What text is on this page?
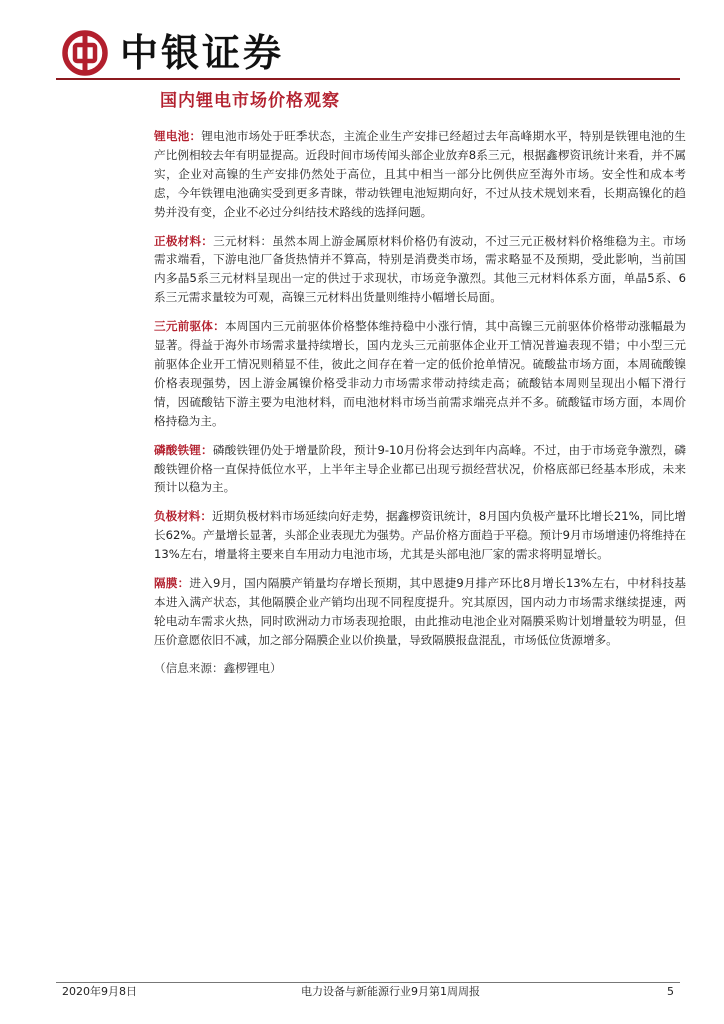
中银证券
国内锂电市场价格观察

锂电池：锂电池市场处于旺季状态，主流企业生产安排已经超过去年高峰期水平，特别是铁锂电池的生产比例相较去年有明显提高。近段时间市场传闻头部企业放弃8系三元，根据鑫椤资讯统计来看，并不属实，企业对高镍的生产安排仍然处于高位，且其中相当一部分比例供应至海外市场。安全性和成本考虑，今年铁锂电池确实受到更多青睐，带动铁锂电池短期向好，不过从技术规划来看，长期高镍化的趋势并没有变，企业不必过分纠结技术路线的选择问题。

正极材料：三元材料：虽然本周上游金属原材料价格仍有波动，不过三元正极材料价格维稳为主。市场需求端看，下游电池厂备货热情并不算高，特别是消费类市场，需求略显不及预期，受此影响，当前国内多晶5系三元材料呈现出一定的供过于求现状，市场竞争激烈。其他三元材料体系方面，单晶5系、6系三元需求量较为可观，高镍三元材料出货量则维持小幅增长局面。

三元前驱体：本周国内三元前驱体价格整体维持稳中小涨行情，其中高镍三元前驱体价格带动涨幅最为显著。得益于海外市场需求量持续增长，国内龙头三元前驱体企业开工情况普遍表现不错；中小型三元前驱体企业开工情况则稍显不佳，彼此之间存在着一定的低价抢单情况。硫酸盐市场方面，本周硫酸镍价格表现强势，因上游金属镍价格受非动力市场需求带动持续走高；硫酸钴本周则呈现出小幅下滑行情，因硫酸钴下游主要为电池材料，而电池材料市场当前需求端亮点并不多。硫酸锰市场方面，本周价格持稳为主。

磷酸铁锂：磷酸铁锂仍处于增量阶段，预计9-10月份将会达到年内高峰。不过，由于市场竞争激烈，磷酸铁锂价格一直保持低位水平，上半年主导企业都已出现亏损经营状况，价格底部已经基本形成，未来预计以稳为主。

负极材料：近期负极材料市场延续向好走势，据鑫椤资讯统计，8月国内负极产量环比增长21%，同比增长62%。产量增长显著，头部企业表现尤为强势。产品价格方面趋于平稳。预计9月市场增速仍将维持在13%左右，增量将主要来自车用动力电池市场，尤其是头部电池厂家的需求将明显增长。

隔膜：进入9月，国内隔膜产销量均存增长预期，其中恩捷9月排产环比8月增长13%左右，中材科技基本进入满产状态，其他隔膜企业产销均出现不同程度提升。究其原因，国内动力市场需求继续提速，两轮电动车需求火热，同时欧洲动力市场表现抢眼，由此推动电池企业对隔膜采购计划增量较为明显，但压价意愿依旧不减，加之部分隔膜企业以价换量，导致隔膜报盘混乱，市场低位货源增多。

（信息来源：鑫椤锂电）
2020年9月8日	电力设备与新能源行业9月第1周周报	5
